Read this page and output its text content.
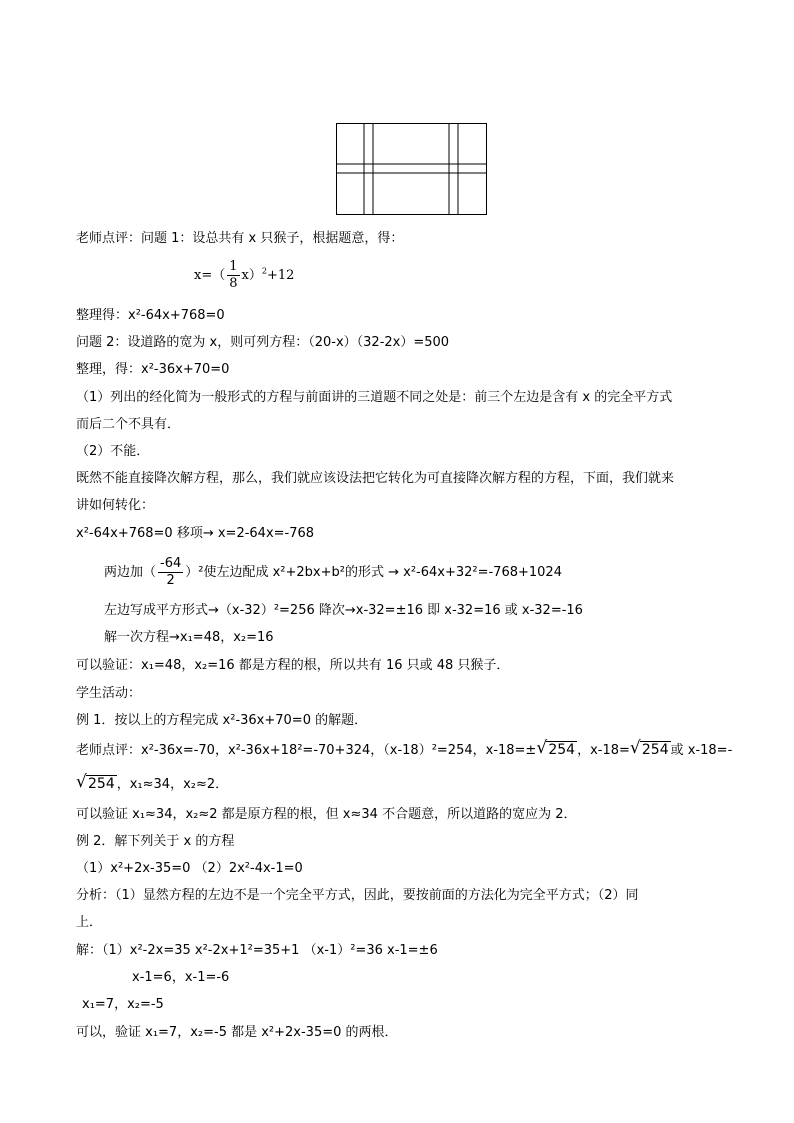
老师点评：问题 1：设总共有 x 只猴子，根据题意，得：
$x=( \frac{1}{8} x)^2+12$
整理得：x²-64x+768=0
问题 2：设道路的宽为 x，则可列方程：（20-x）（32-2x）=500
整理，得：x²-36x+70=0
（1）列出的经化简为一般形式的方程与前面讲的三道题不同之处是：前三个左边是含有 x 的完全平方式
而后二个不具有．
（2）不能．
既然不能直接降次解方程，那么，我们就应该设法把它转化为可直接降次解方程的方程，下面，我们就来
讲如何转化：
x²-64x+768=0 移项→ x=2-64x=-768
两边加（ $\frac{-64}{2} )^2$使左边配成 x²+2bx+b²的形式 → x²-64x+32²=-768+1024
左边写成平方形式→（x-32）²=256 降次→x-32=±16 即 x-32=16 或 x-32=-16
解一次方程→x₁=48，x₂=16
可以验证：x₁=48，x₂=16 都是方程的根，所以共有 16 只或 48 只猴子．
学生活动：
例 1．按以上的方程完成 x²-36x+70=0 的解题．
老师点评：x²-36x=-70，x²-36x+18²=-70+324，（x-18）²=254，x-18=± √ 254 ，x-18= √ 254 或 x-18=-
√ 254 ，x₁≈34，x₂≈2．
可以验证 x₁≈34，x₂≈2 都是原方程的根，但 x≈34 不合题意，所以道路的宽应为 2．
例 2．解下列关于 x 的方程
（1）x²+2x-35=0 （2）2x²-4x-1=0
分析：（1）显然方程的左边不是一个完全平方式，因此，要按前面的方法化为完全平方式；（2）同
上．
解：（1）x²-2x=35 x²-2x+1²=35+1 （x-1）²=36 x-1=±6
x-1=6，x-1=-6
x₁=7，x₂=-5
可以，验证 x₁=7，x₂=-5 都是 x²+2x-35=0 的两根．
